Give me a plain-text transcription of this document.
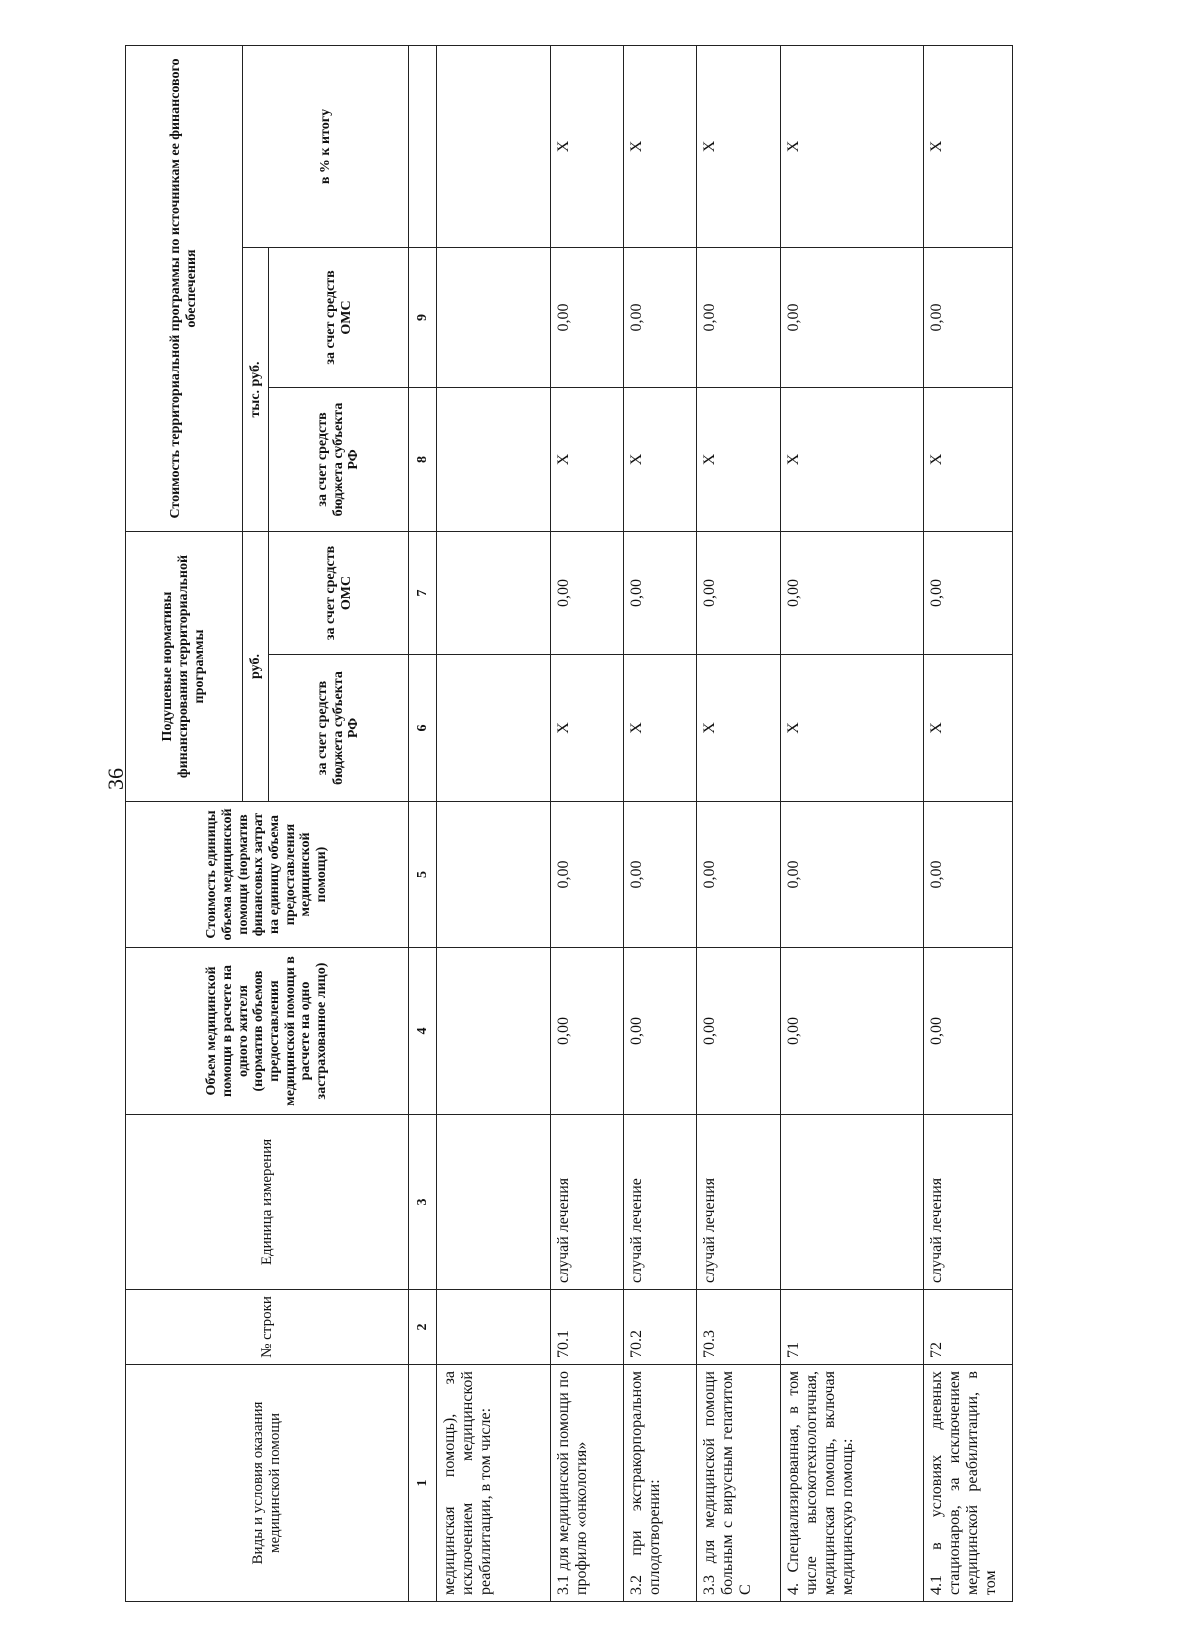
36
Виды и условия оказания медицинской помощи	№ строки	Единица измерения	Объем медицинской помощи в расчете на одного жителя (норматив объемов предоставления медицинской помощи в расчете на одно застрахованное лицо)	Стоимость единицы объема медицинской помощи (норматив финансовых затрат на единицу объема предоставления медицинской помощи)	Подушевые нормативы финансирования территориальной программы		Стоимость территориальной программы по источникам ее финансового обеспечения		
					руб.		тыс. руб.		в % к итогу
					за счет средств бюджета субъекта РФ	за счет средств ОМС	за счет средств бюджета субъекта РФ	за счет средств ОМС	
1	2	3	4	5	6	7	8	9	
медицинская помощь), за исключением медицинской реабилитации, в том числе:									
3.1 для медицинской помощи по профилю «онкология»	70.1	случай лечения	0,00	0,00	X	0,00	X	0,00	X
3.2 при экстракорпоральном оплодотворении:	70.2	случай лечение	0,00	0,00	X	0,00	X	0,00	X
3.3 для медицинской помощи больным с вирусным гепатитом С	70.3	случай лечения	0,00	0,00	X	0,00	X	0,00	X
4. Специализированная, в том числе высокотехнологичная, медицинская помощь, включая медицинскую помощь:	71		0,00	0,00	X	0,00	X	0,00	X
4.1 в условиях дневных стационаров, за исключением медицинской реабилитации, в том	72	случай лечения	0,00	0,00	X	0,00	X	0,00	X
